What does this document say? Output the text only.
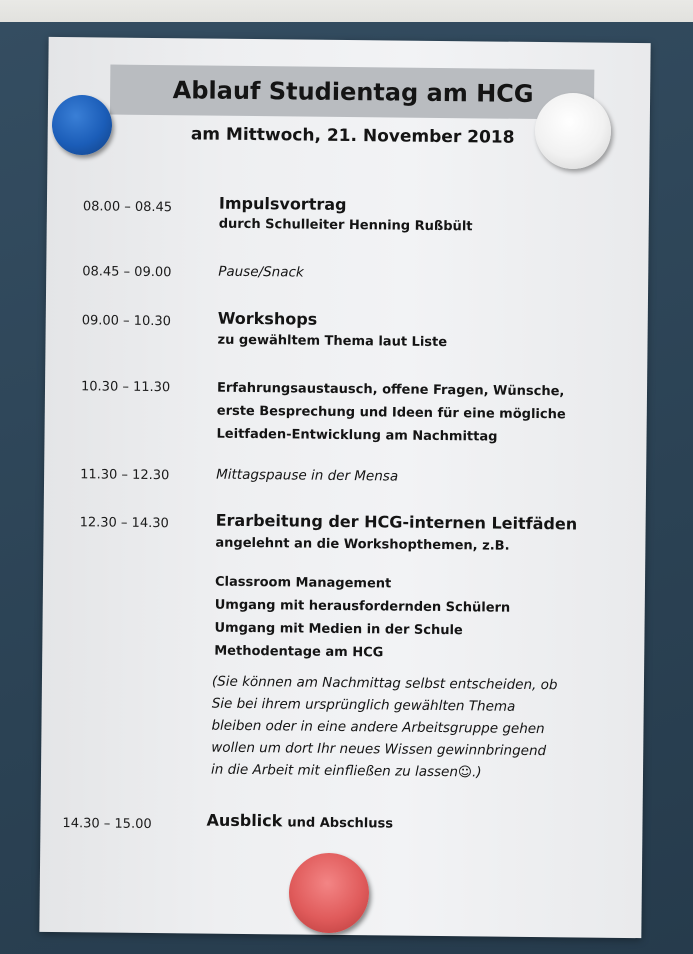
Ablauf Studientag am HCG
am Mittwoch, 21. November 2018
08.00 – 08.45	Impulsvortrag
durch Schulleiter Henning Rußbült
08.45 – 09.00	Pause/Snack
09.00 – 10.30	Workshops
zu gewähltem Thema laut Liste
10.30 – 11.30	Erfahrungsaustausch, offene Fragen, Wünsche,
erste Besprechung und Ideen für eine mögliche
Leitfaden-Entwicklung am Nachmittag
11.30 – 12.30	Mittagspause in der Mensa
12.30 – 14.30	Erarbeitung der HCG-internen Leitfäden
angelehnt an die Workshopthemen, z.B.
Classroom Management
Umgang mit herausfordernden Schülern
Umgang mit Medien in der Schule
Methodentage am HCG
(Sie können am Nachmittag selbst entscheiden, ob
Sie bei ihrem ursprünglich gewählten Thema
bleiben oder in eine andere Arbeitsgruppe gehen
wollen um dort Ihr neues Wissen gewinnbringend
in die Arbeit mit einfließen zu lassen☺.)
14.30 – 15.00	Ausblick und Abschluss
